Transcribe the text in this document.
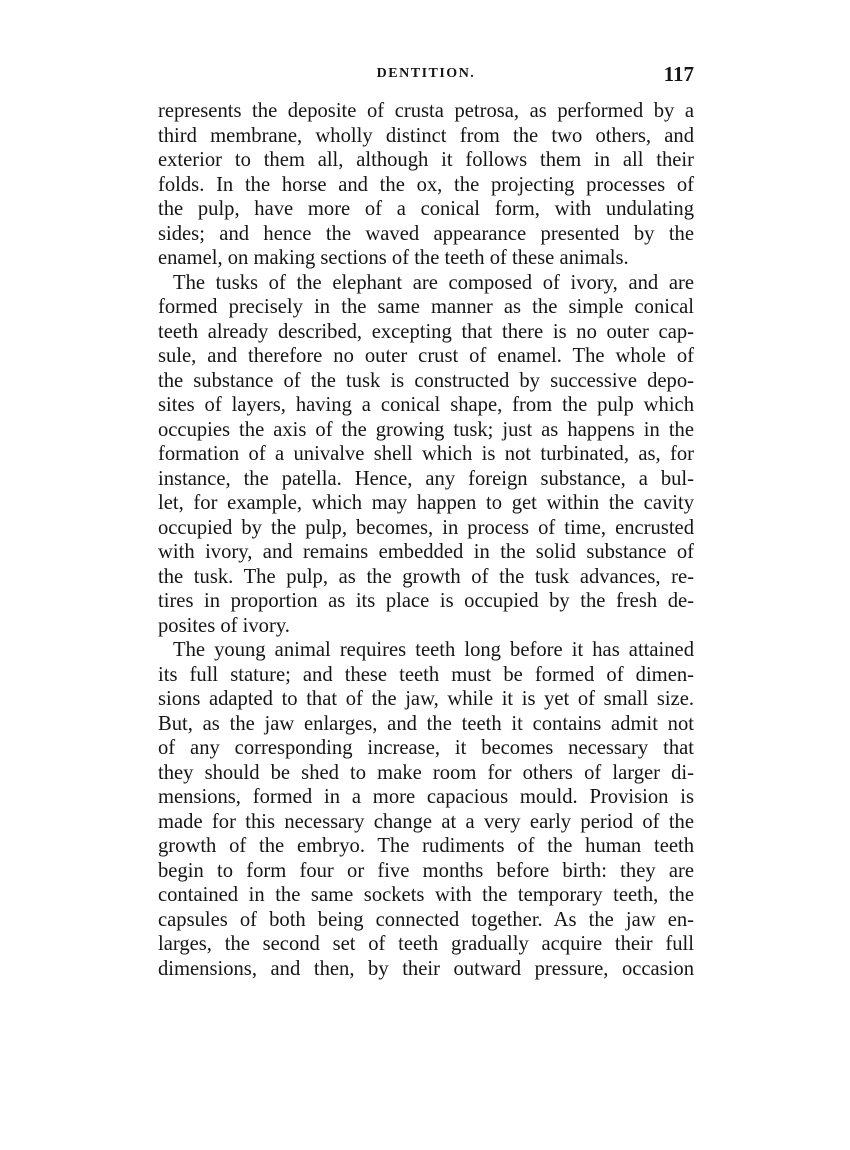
DENTITION.	117
represents the deposite of crusta petrosa, as performed by a
third membrane, wholly distinct from the two others, and
exterior to them all, although it follows them in all their
folds. In the horse and the ox, the projecting processes of
the pulp, have more of a conical form, with undulating
sides; and hence the waved appearance presented by the
enamel, on making sections of the teeth of these animals.
The tusks of the elephant are composed of ivory, and are
formed precisely in the same manner as the simple conical
teeth already described, excepting that there is no outer cap-
sule, and therefore no outer crust of enamel. The whole of
the substance of the tusk is constructed by successive depo-
sites of layers, having a conical shape, from the pulp which
occupies the axis of the growing tusk; just as happens in the
formation of a univalve shell which is not turbinated, as, for
instance, the patella. Hence, any foreign substance, a bul-
let, for example, which may happen to get within the cavity
occupied by the pulp, becomes, in process of time, encrusted
with ivory, and remains embedded in the solid substance of
the tusk. The pulp, as the growth of the tusk advances, re-
tires in proportion as its place is occupied by the fresh de-
posites of ivory.
The young animal requires teeth long before it has attained
its full stature; and these teeth must be formed of dimen-
sions adapted to that of the jaw, while it is yet of small size.
But, as the jaw enlarges, and the teeth it contains admit not
of any corresponding increase, it becomes necessary that
they should be shed to make room for others of larger di-
mensions, formed in a more capacious mould. Provision is
made for this necessary change at a very early period of the
growth of the embryo. The rudiments of the human teeth
begin to form four or five months before birth: they are
contained in the same sockets with the temporary teeth, the
capsules of both being connected together. As the jaw en-
larges, the second set of teeth gradually acquire their full
dimensions, and then, by their outward pressure, occasion
